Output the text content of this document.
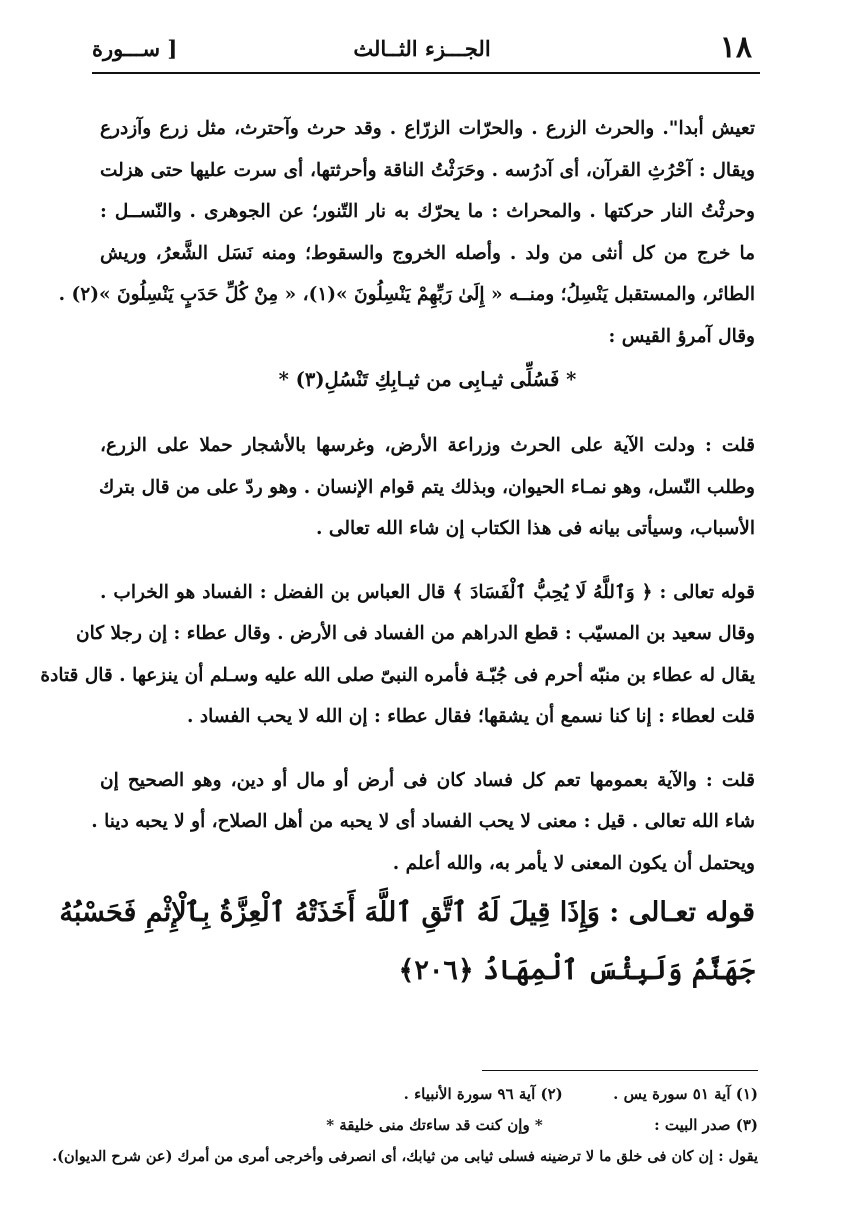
١٨
الجـــزء الثــالث
[ ســـورة
تعيش أبدا". والحرث الزرع . والحرّات الزرّاع . وقد حرث وآحترث، مثل زرع وآزدرع
ويقال : آحْرُثِ القرآن، أى آدرُسه . وحَرَثْتُ الناقة وأحرثتها، أى سرت عليها حتى هزلت
وحرثْتُ النار حركتها . والمحراث : ما يحرّك به نار التّنور؛ عن الجوهرى . والنّســل :
ما خرج من كل أنثى من ولد . وأصله الخروج والسقوط؛ ومنه نَسَل الشَّعرُ، وريش
الطائر، والمستقبل يَنْسِلُ؛ ومنــه « إِلَىٰ رَبِّهِمْ يَنْسِلُونَ »(١)، « مِنْ كُلِّ حَدَبٍ يَنْسِلُونَ »(٢) .
وقال آمرؤ القيس :
* فَسُلِّى ثيـابِى من ثيـابِكِ تَنْسُلِ(٣) *
قلت : ودلت الآية على الحرث وزراعة الأرض، وغرسها بالأشجار حملا على الزرع،
وطلب النّسل، وهو نمـاء الحيوان، وبذلك يتم قوام الإنسان . وهو ردّ على من قال بترك
الأسباب، وسيأتى بيانه فى هذا الكتاب إن شاء الله تعالى .
قوله تعالى : ﴿ وَٱللَّهُ لَا يُحِبُّ ٱلْفَسَادَ ﴾ قال العباس بن الفضل : الفساد هو الخراب .
وقال سعيد بن المسيّب : قطع الدراهم من الفساد فى الأرض . وقال عطاء : إن رجلا كان
يقال له عطاء بن منبّه أحرم فى جُبّـة فأمره النبىّ صلى الله عليه وسـلم أن ينزعها . قال قتادة
قلت لعطاء : إنا كنا نسمع أن يشقها؛ فقال عطاء : إن الله لا يحب الفساد .
قلت : والآية بعمومها تعم كل فساد كان فى أرض أو مال أو دين، وهو الصحيح إن
شاء الله تعالى . قيل : معنى لا يحب الفساد أى لا يحبه من أهل الصلاح، أو لا يحبه دينا .
ويحتمل أن يكون المعنى لا يأمر به، والله أعلم .
قوله تعـالى : وَإِذَا قِيلَ لَهُ ٱتَّقِ ٱللَّهَ أَخَذَتْهُ ٱلْعِزَّةُ بِٱلْإِثْمِ فَحَسْبُهُ
جَهَنَّمُ وَلَبِئْسَ ٱلْمِهَادُ ﴿٢٠٦﴾
(١) آية ٥١ سورة يس . (٢) آية ٩٦ سورة الأنبياء .
(٣) صدر البيت : * وإن كنت قد ساءتك منى خليقة *
يقول : إن كان فى خلق ما لا ترضينه فسلى ثيابى من ثيابك، أى انصرفى وأخرجى أمرى من أمرك (عن شرح الديوان).
